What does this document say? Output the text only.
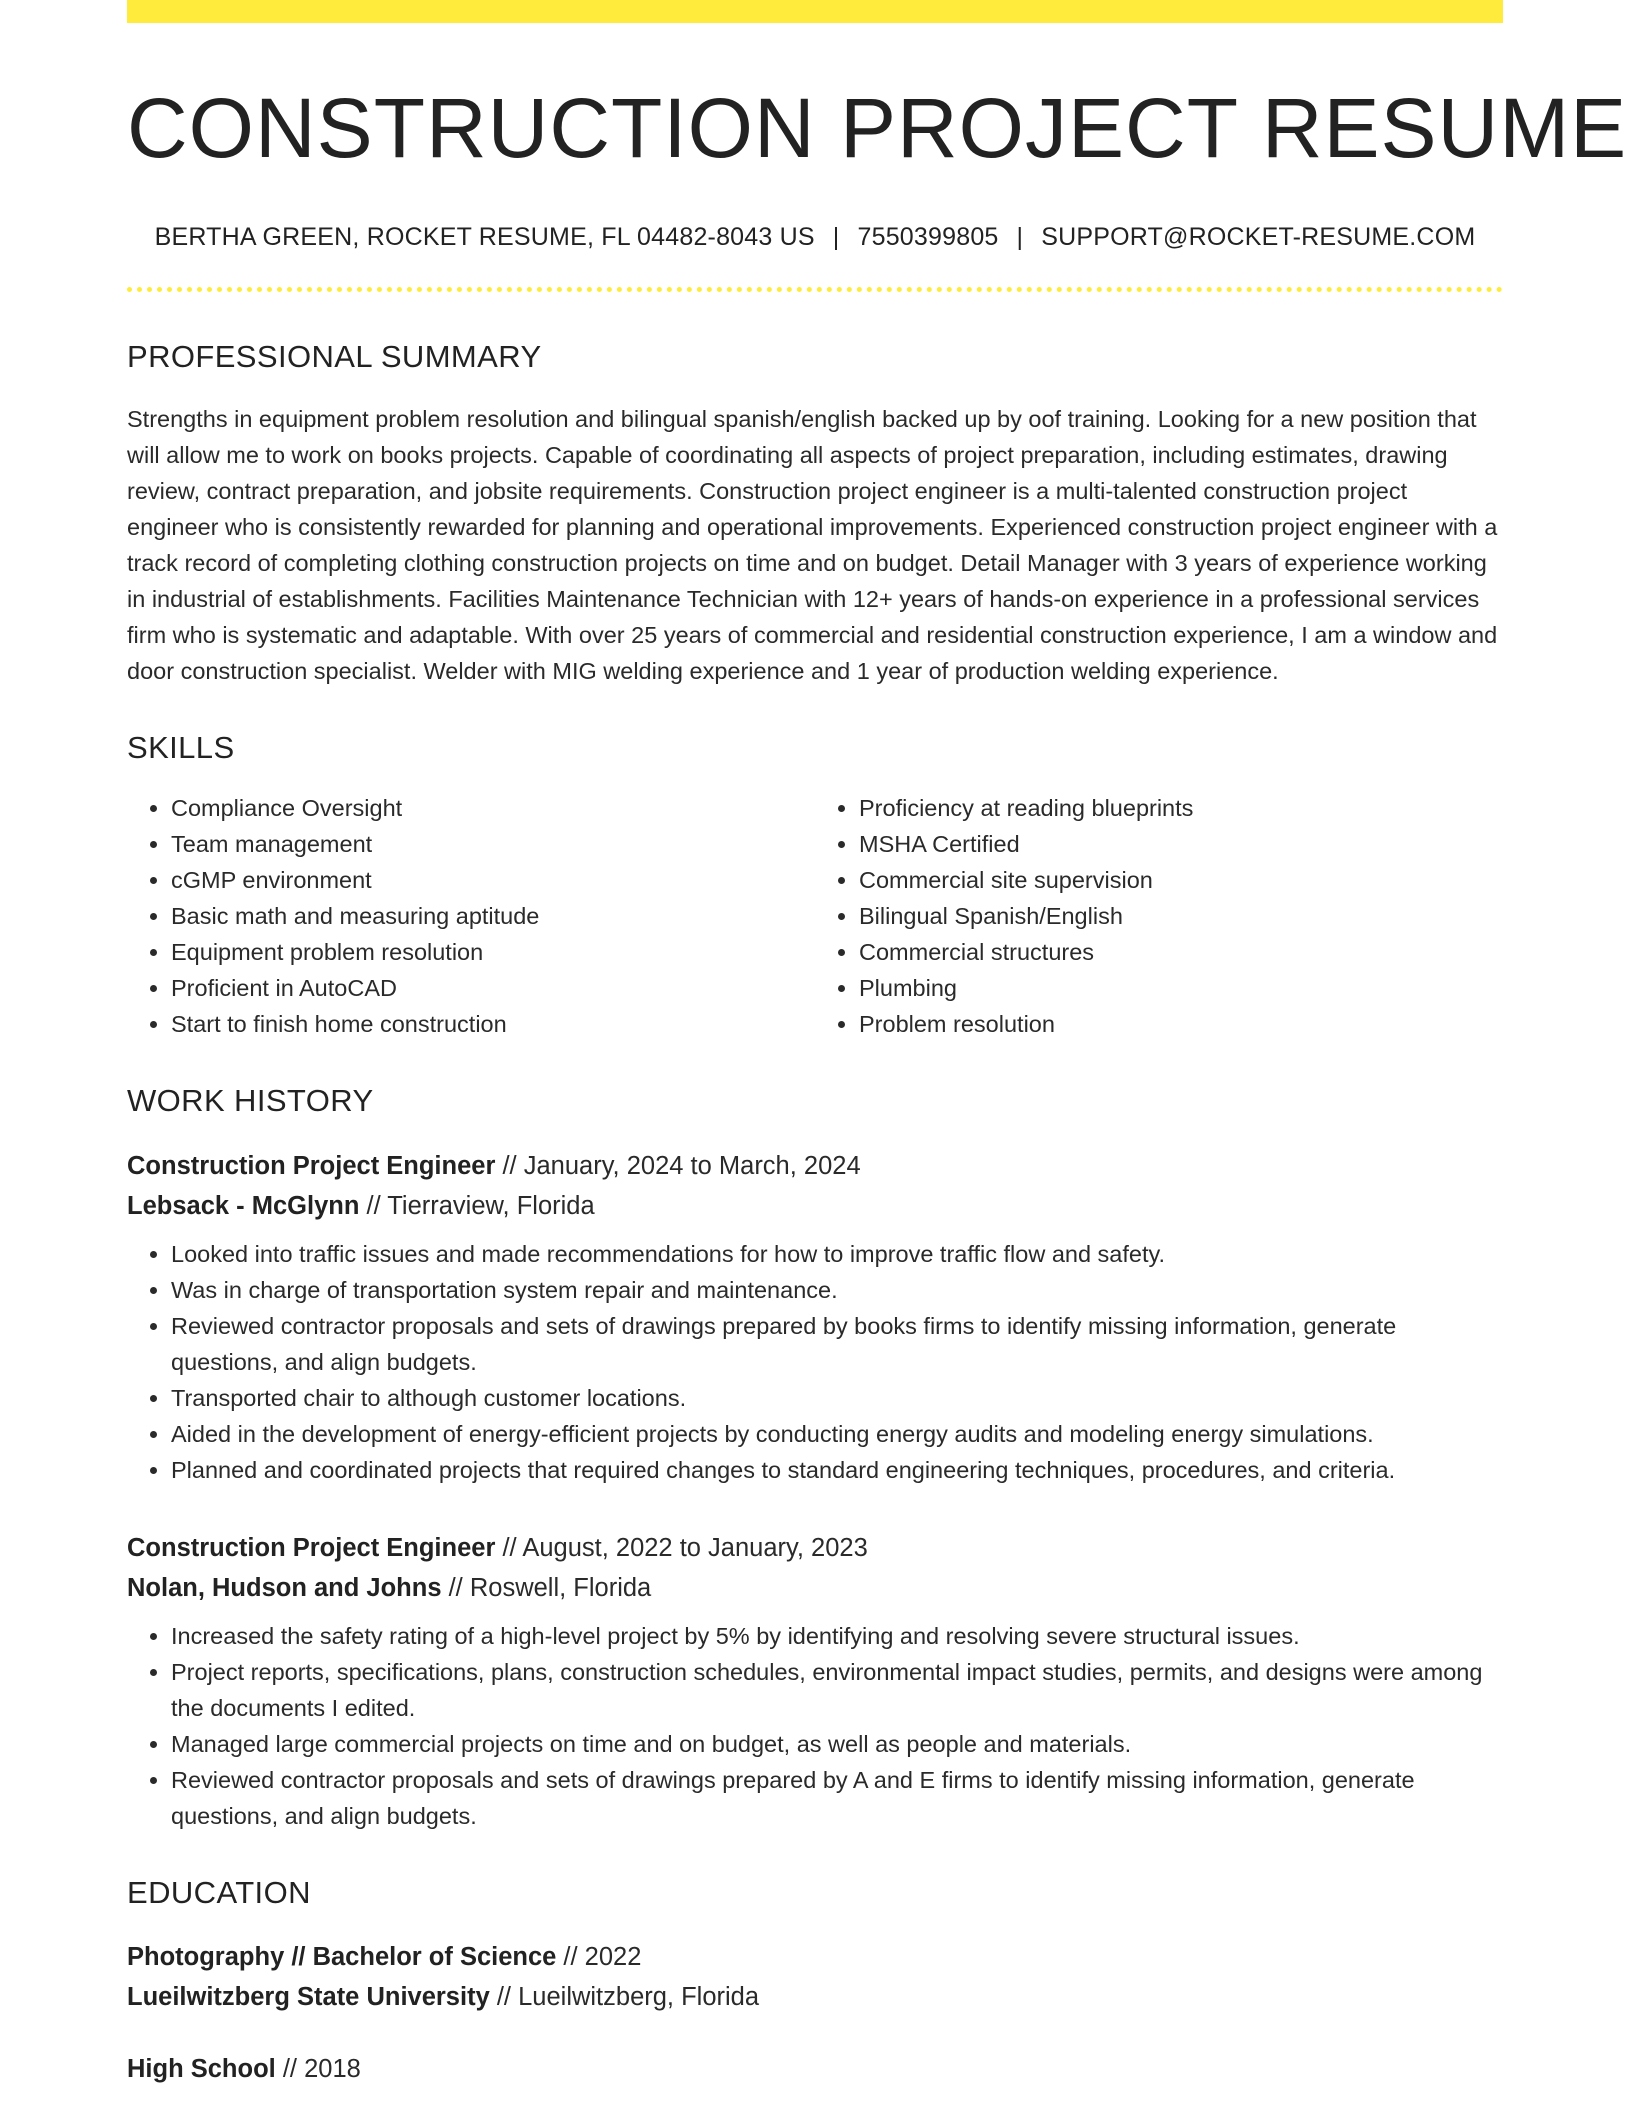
CONSTRUCTION PROJECT RESUME
BERTHA GREEN, ROCKET RESUME, FL 04482-8043 US | 7550399805 | SUPPORT@ROCKET-RESUME.COM
PROFESSIONAL SUMMARY

Strengths in equipment problem resolution and bilingual spanish/english backed up by oof training. Looking for a new position that will allow me to work on books projects. Capable of coordinating all aspects of project preparation, including estimates, drawing review, contract preparation, and jobsite requirements. Construction project engineer is a multi-talented construction project engineer who is consistently rewarded for planning and operational improvements. Experienced construction project engineer with a track record of completing clothing construction projects on time and on budget. Detail Manager with 3 years of experience working in industrial of establishments. Facilities Maintenance Technician with 12+ years of hands-on experience in a professional services firm who is systematic and adaptable. With over 25 years of commercial and residential construction experience, I am a window and door construction specialist. Welder with MIG welding experience and 1 year of production welding experience.

SKILLS
• Compliance Oversight
• Team management
• cGMP environment
• Basic math and measuring aptitude
• Equipment problem resolution
• Proficient in AutoCAD
• Start to finish home construction
• Proficiency at reading blueprints
• MSHA Certified
• Commercial site supervision
• Bilingual Spanish/English
• Commercial structures
• Plumbing
• Problem resolution
WORK HISTORY
Construction Project Engineer // January, 2024 to March, 2024
Lebsack - McGlynn // Tierraview, Florida
• Looked into traffic issues and made recommendations for how to improve traffic flow and safety.
• Was in charge of transportation system repair and maintenance.
• Reviewed contractor proposals and sets of drawings prepared by books firms to identify missing information, generate questions, and align budgets.
• Transported chair to although customer locations.
• Aided in the development of energy-efficient projects by conducting energy audits and modeling energy simulations.
• Planned and coordinated projects that required changes to standard engineering techniques, procedures, and criteria.
Construction Project Engineer // August, 2022 to January, 2023
Nolan, Hudson and Johns // Roswell, Florida
• Increased the safety rating of a high-level project by 5% by identifying and resolving severe structural issues.
• Project reports, specifications, plans, construction schedules, environmental impact studies, permits, and designs were among the documents I edited.
• Managed large commercial projects on time and on budget, as well as people and materials.
• Reviewed contractor proposals and sets of drawings prepared by A and E firms to identify missing information, generate questions, and align budgets.
EDUCATION
Photography // Bachelor of Science // 2022
Lueilwitzberg State University // Lueilwitzberg, Florida
High School // 2018
